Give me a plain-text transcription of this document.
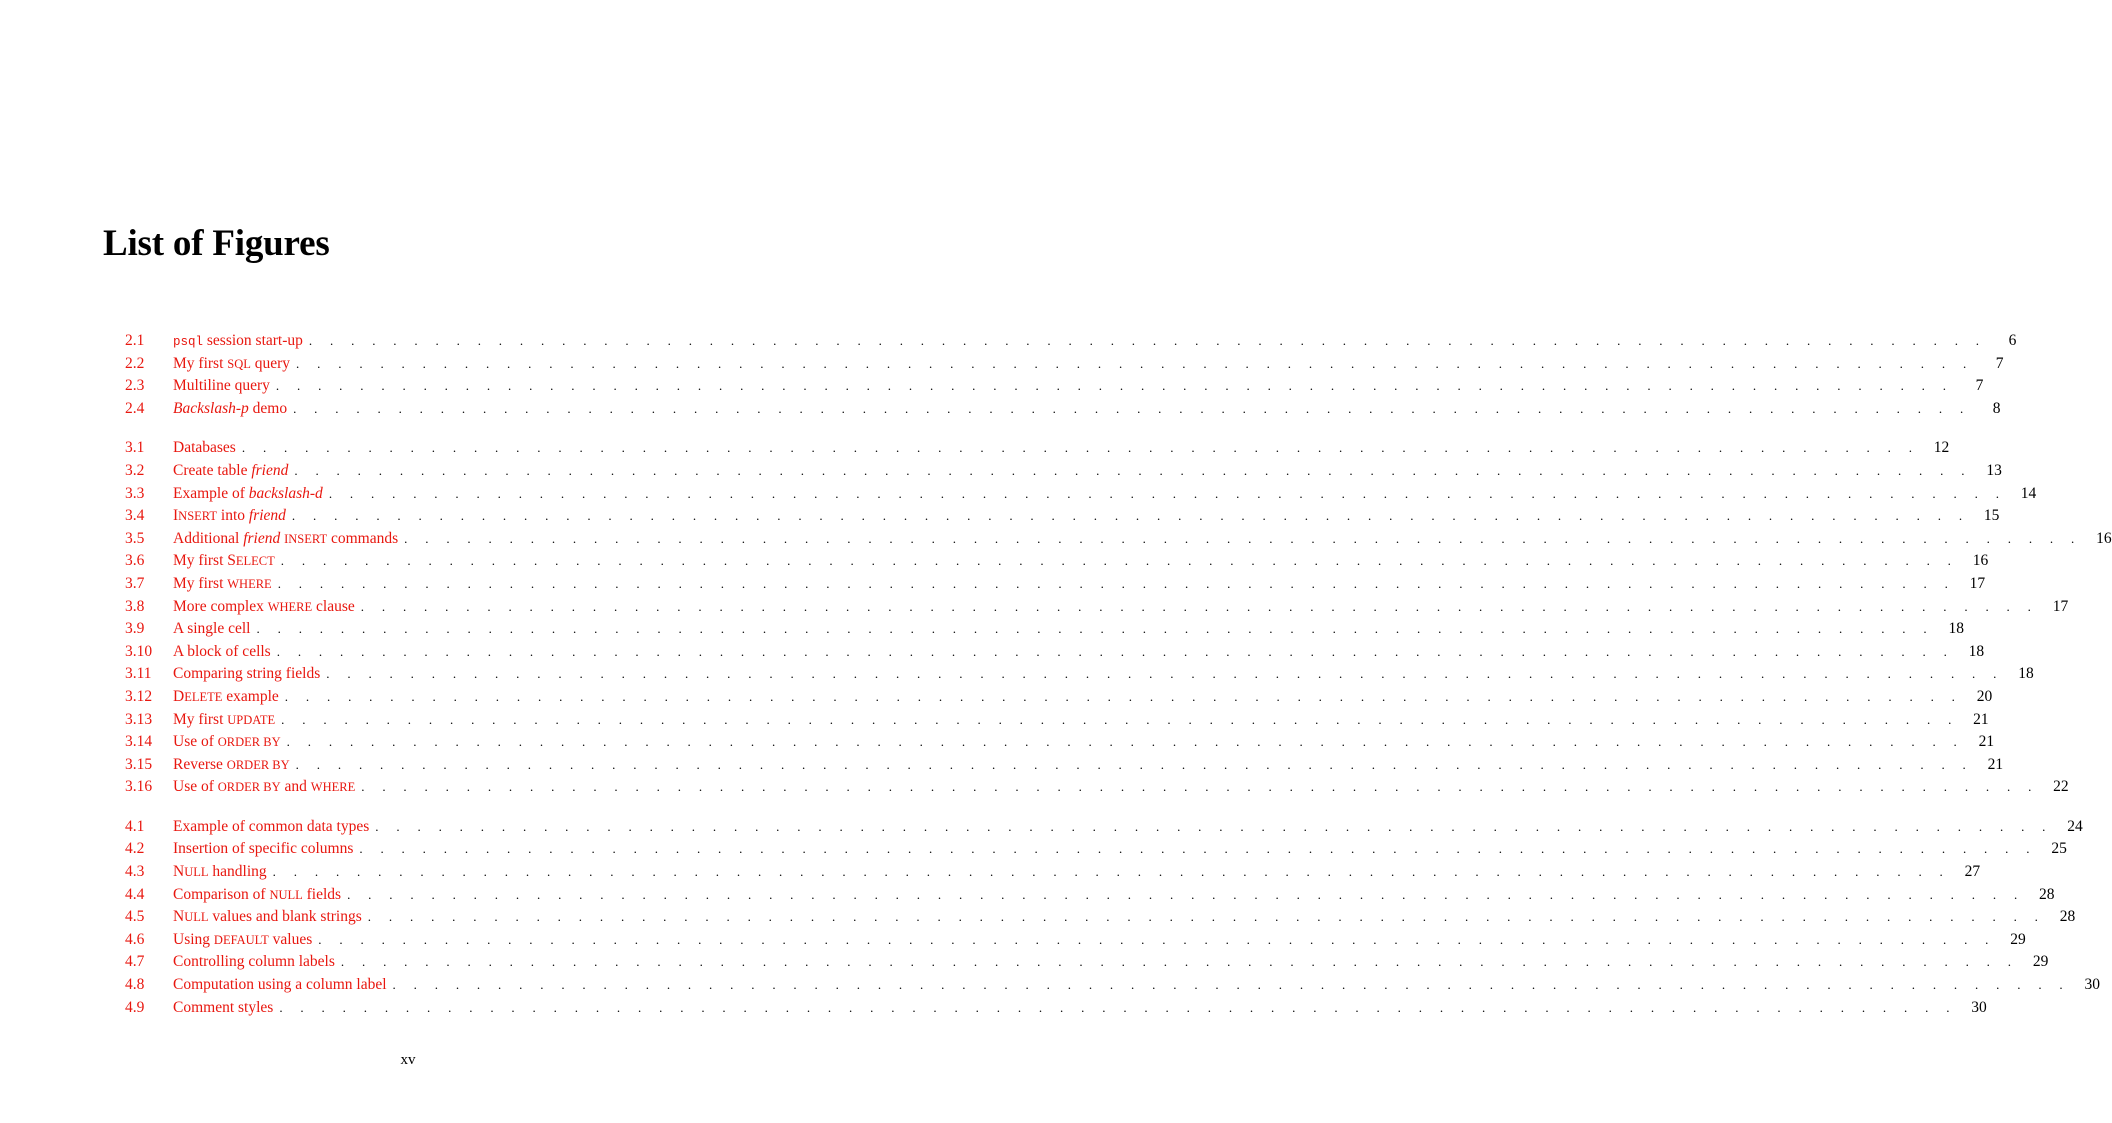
List of Figures
2.1	psql session start-up . . . . . . . . . . . . . . . . . . . . . . . . . . . . . . . . . . . . . . . . . . . . . . . . . . . . . . . . . . . . . . . . . . . . . . . . . . . . . . . .	6
2.2	My first SQL query . . . . . . . . . . . . . . . . . . . . . . . . . . . . . . . . . . . . . . . . . . . . . . . . . . . . . . . . . . . . . . . . . . . . . . . . . . . . . . . .	7
2.3	Multiline query . . . . . . . . . . . . . . . . . . . . . . . . . . . . . . . . . . . . . . . . . . . . . . . . . . . . . . . . . . . . . . . . . . . . . . . . . . . . . . . .	7
2.4	Backslash-p demo . . . . . . . . . . . . . . . . . . . . . . . . . . . . . . . . . . . . . . . . . . . . . . . . . . . . . . . . . . . . . . . . . . . . . . . . . . . . . . . .	8
3.1	Databases . . . . . . . . . . . . . . . . . . . . . . . . . . . . . . . . . . . . . . . . . . . . . . . . . . . . . . . . . . . . . . . . . . . . . . . . . . . . . . . . 12
3.2	Create table friend . . . . . . . . . . . . . . . . . . . . . . . . . . . . . . . . . . . . . . . . . . . . . . . . . . . . . . . . . . . . . . . . . . . . . . . . . . . . . . . . 13
3.3	Example of backslash-d . . . . . . . . . . . . . . . . . . . . . . . . . . . . . . . . . . . . . . . . . . . . . . . . . . . . . . . . . . . . . . . . . . . . . . . . . . . . . . . . 14
3.4	INSERT into friend . . . . . . . . . . . . . . . . . . . . . . . . . . . . . . . . . . . . . . . . . . . . . . . . . . . . . . . . . . . . . . . . . . . . . . . . . . . . . . . . 15
3.5	Additional friend INSERT commands . . . . . . . . . . . . . . . . . . . . . . . . . . . . . . . . . . . . . . . . . . . . . . . . . . . . . . . . . . . . . . . . . . . . . . . . . . . . . . . . 16
3.6	My first SELECT . . . . . . . . . . . . . . . . . . . . . . . . . . . . . . . . . . . . . . . . . . . . . . . . . . . . . . . . . . . . . . . . . . . . . . . . . . . . . . . . 16
3.7	My first WHERE . . . . . . . . . . . . . . . . . . . . . . . . . . . . . . . . . . . . . . . . . . . . . . . . . . . . . . . . . . . . . . . . . . . . . . . . . . . . . . . . 17
3.8	More complex WHERE clause . . . . . . . . . . . . . . . . . . . . . . . . . . . . . . . . . . . . . . . . . . . . . . . . . . . . . . . . . . . . . . . . . . . . . . . . . . . . . . . . 17
3.9	A single cell . . . . . . . . . . . . . . . . . . . . . . . . . . . . . . . . . . . . . . . . . . . . . . . . . . . . . . . . . . . . . . . . . . . . . . . . . . . . . . . . 18
3.10	A block of cells . . . . . . . . . . . . . . . . . . . . . . . . . . . . . . . . . . . . . . . . . . . . . . . . . . . . . . . . . . . . . . . . . . . . . . . . . . . . . . . . 18
3.11	Comparing string fields . . . . . . . . . . . . . . . . . . . . . . . . . . . . . . . . . . . . . . . . . . . . . . . . . . . . . . . . . . . . . . . . . . . . . . . . . . . . . . . . 18
3.12	DELETE example . . . . . . . . . . . . . . . . . . . . . . . . . . . . . . . . . . . . . . . . . . . . . . . . . . . . . . . . . . . . . . . . . . . . . . . . . . . . . . . . 20
3.13	My first UPDATE . . . . . . . . . . . . . . . . . . . . . . . . . . . . . . . . . . . . . . . . . . . . . . . . . . . . . . . . . . . . . . . . . . . . . . . . . . . . . . . . 21
3.14	Use of ORDER BY . . . . . . . . . . . . . . . . . . . . . . . . . . . . . . . . . . . . . . . . . . . . . . . . . . . . . . . . . . . . . . . . . . . . . . . . . . . . . . . . 21
3.15	Reverse ORDER BY . . . . . . . . . . . . . . . . . . . . . . . . . . . . . . . . . . . . . . . . . . . . . . . . . . . . . . . . . . . . . . . . . . . . . . . . . . . . . . . . 21
3.16	Use of ORDER BY and WHERE . . . . . . . . . . . . . . . . . . . . . . . . . . . . . . . . . . . . . . . . . . . . . . . . . . . . . . . . . . . . . . . . . . . . . . . . . . . . . . . . 22
4.1	Example of common data types . . . . . . . . . . . . . . . . . . . . . . . . . . . . . . . . . . . . . . . . . . . . . . . . . . . . . . . . . . . . . . . . . . . . . . . . . . . . . . . . 24
4.2	Insertion of specific columns . . . . . . . . . . . . . . . . . . . . . . . . . . . . . . . . . . . . . . . . . . . . . . . . . . . . . . . . . . . . . . . . . . . . . . . . . . . . . . . . 25
4.3	NULL handling . . . . . . . . . . . . . . . . . . . . . . . . . . . . . . . . . . . . . . . . . . . . . . . . . . . . . . . . . . . . . . . . . . . . . . . . . . . . . . . . 27
4.4	Comparison of NULL fields . . . . . . . . . . . . . . . . . . . . . . . . . . . . . . . . . . . . . . . . . . . . . . . . . . . . . . . . . . . . . . . . . . . . . . . . . . . . . . . . 28
4.5	NULL values and blank strings . . . . . . . . . . . . . . . . . . . . . . . . . . . . . . . . . . . . . . . . . . . . . . . . . . . . . . . . . . . . . . . . . . . . . . . . . . . . . . . . 28
4.6	Using DEFAULT values . . . . . . . . . . . . . . . . . . . . . . . . . . . . . . . . . . . . . . . . . . . . . . . . . . . . . . . . . . . . . . . . . . . . . . . . . . . . . . . . 29
4.7	Controlling column labels . . . . . . . . . . . . . . . . . . . . . . . . . . . . . . . . . . . . . . . . . . . . . . . . . . . . . . . . . . . . . . . . . . . . . . . . . . . . . . . . 29
4.8	Computation using a column label . . . . . . . . . . . . . . . . . . . . . . . . . . . . . . . . . . . . . . . . . . . . . . . . . . . . . . . . . . . . . . . . . . . . . . . . . . . . . . . . 30
4.9	Comment styles . . . . . . . . . . . . . . . . . . . . . . . . . . . . . . . . . . . . . . . . . . . . . . . . . . . . . . . . . . . . . . . . . . . . . . . . . . . . . . . . 30
xv
